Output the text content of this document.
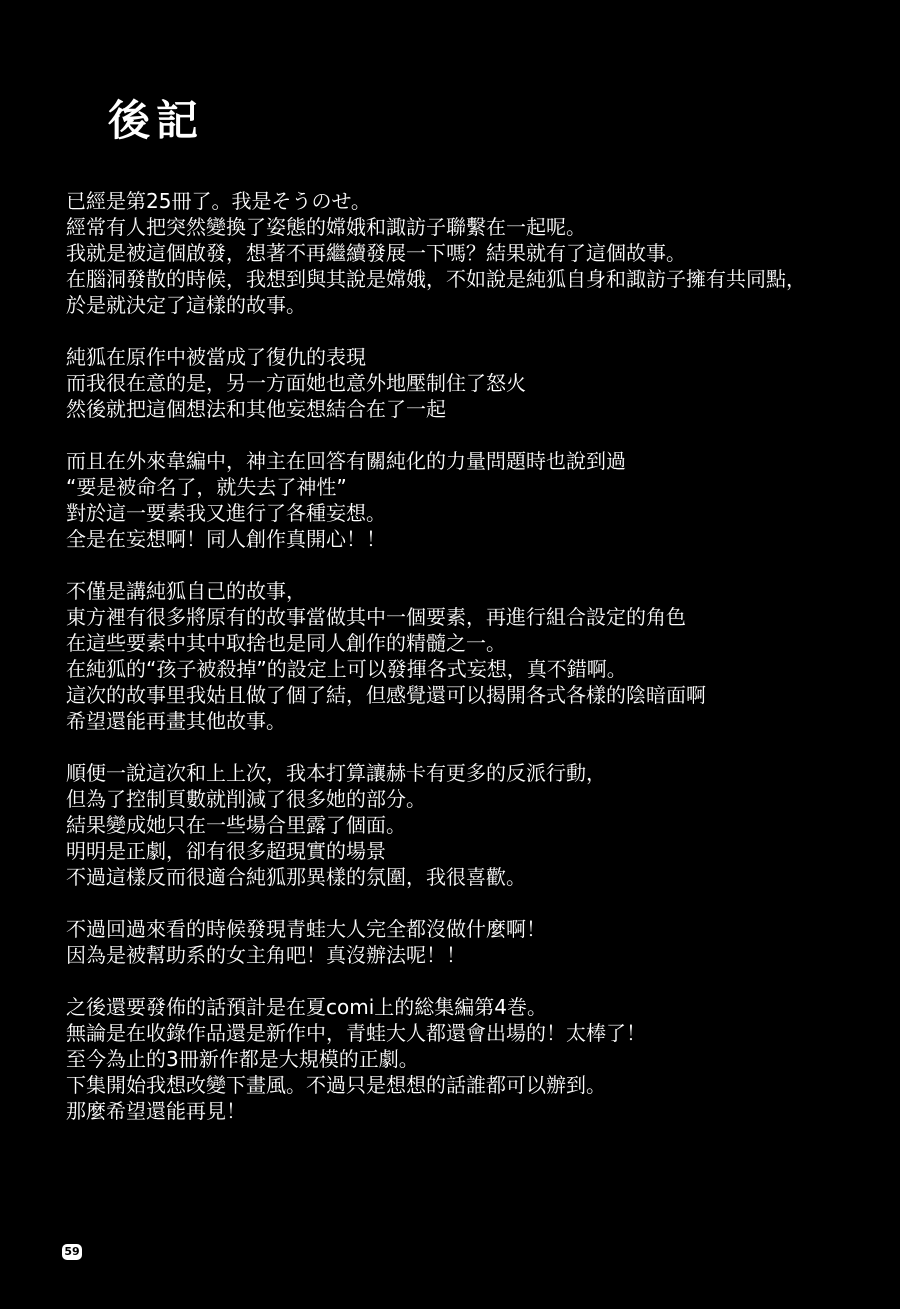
後記
已經是第25冊了。我是そうのせ。
經常有人把突然變換了姿態的嫦娥和諏訪子聯繫在一起呢。
我就是被這個啟發，想著不再繼續發展一下嗎？結果就有了這個故事。
在腦洞發散的時候，我想到與其說是嫦娥，不如說是純狐自身和諏訪子擁有共同點，
於是就決定了這樣的故事。
純狐在原作中被當成了復仇的表現
而我很在意的是，另一方面她也意外地壓制住了怒火
然後就把這個想法和其他妄想結合在了一起
而且在外來韋編中，神主在回答有關純化的力量問題時也說到過
“要是被命名了，就失去了神性”
對於這一要素我又進行了各種妄想。
全是在妄想啊！同人創作真開心！！
不僅是講純狐自己的故事，
東方裡有很多將原有的故事當做其中一個要素，再進行組合設定的角色
在這些要素中其中取捨也是同人創作的精髓之一。
在純狐的“孩子被殺掉”的設定上可以發揮各式妄想，真不錯啊。
這次的故事里我姑且做了個了結，但感覺還可以揭開各式各樣的陰暗面啊
希望還能再畫其他故事。
順便一說這次和上上次，我本打算讓赫卡有更多的反派行動，
但為了控制頁數就削減了很多她的部分。
結果變成她只在一些場合里露了個面。
明明是正劇，卻有很多超現實的場景
不過這樣反而很適合純狐那異樣的氛圍，我很喜歡。
不過回過來看的時候發現青蛙大人完全都沒做什麼啊！
因為是被幫助系的女主角吧！真沒辦法呢！！
之後還要發佈的話預計是在夏comi上的総集編第4巻。
無論是在收錄作品還是新作中，青蛙大人都還會出場的！太棒了！
至今為止的3冊新作都是大規模的正劇。
下集開始我想改變下畫風。不過只是想想的話誰都可以辦到。
那麼希望還能再見！
59
